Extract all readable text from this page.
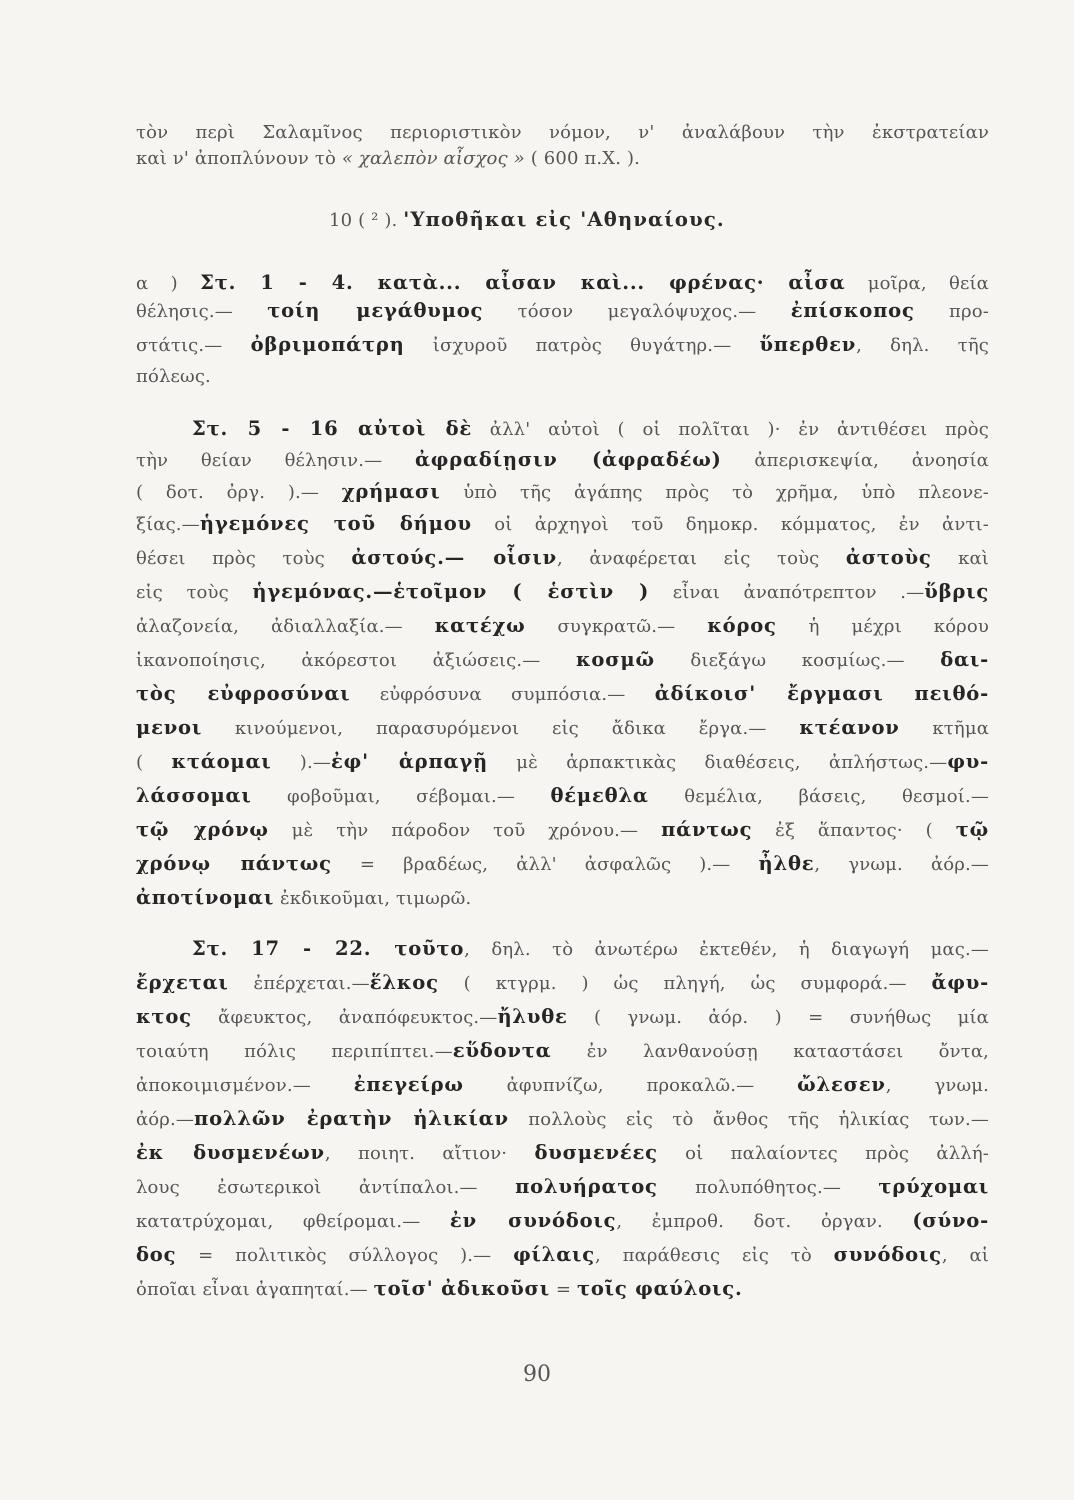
τὸν περὶ Σαλαμῖνος περιοριστικὸν νόμον, ν' ἀναλάβουν τὴν ἐκστρατείαν
καὶ ν' ἀποπλύνουν τὸ « χαλεπὸν αἶσχος » ( 600 π.Χ. ).
10 ( ² ). 'Υποθῆκαι εἰς 'Αθηναίους.
α ) Στ. 1 - 4. κατὰ... αἶσαν καὶ... φρένας· αἶσα μοῖρα, θεία
θέλησις.— τοίη μεγάθυμος τόσον μεγαλόψυχος.— ἐπίσκοπος προ-
στάτις.— ὀβριμοπάτρη ἰσχυροῦ πατρὸς θυγάτηρ.— ὕπερθεν, δηλ. τῆς
πόλεως.
Στ. 5 - 16 αὐτοὶ δὲ ἀλλ' αὐτοὶ ( οἱ πολῖται )· ἐν ἀντιθέσει πρὸς
τὴν θείαν θέλησιν.— ἀφραδίῃσιν (ἀφραδέω) ἀπερισκεψία, ἀνοησία
( δοτ. ὀργ. ).— χρήμασι ὑπὸ τῆς ἀγάπης πρὸς τὸ χρῆμα, ὑπὸ πλεονε-
ξίας.—ἡγεμόνες τοῦ δήμου οἱ ἀρχηγοὶ τοῦ δημοκρ. κόμματος, ἐν ἀντι-
θέσει πρὸς τοὺς ἀστούς.— οἷσιν, ἀναφέρεται εἰς τοὺς ἀστοὺς καὶ
εἰς τοὺς ἡγεμόνας.—ἑτοῖμον ( ἑστὶν ) εἶναι ἀναπότρεπτον .—ὕβρις
ἀλαζονεία, ἀδιαλλαξία.— κατέχω συγκρατῶ.— κόρος ἡ μέχρι κόρου
ἱκανοποίησις, ἀκόρεστοι ἀξιώσεις.— κοσμῶ διεξάγω κοσμίως.— δαι-
τὸς εὐφροσύναι εὐφρόσυνα συμπόσια.— ἀδίκοισ' ἔργμασι πειθό-
μενοι κινούμενοι, παρασυρόμενοι εἰς ἄδικα ἔργα.— κτέανον κτῆμα
( κτάομαι ).—ἐφ' ἁρπαγῇ μὲ ἁρπακτικὰς διαθέσεις, ἀπλήστως.—φυ-
λάσσομαι φοβοῦμαι, σέβομαι.— θέμεθλα θεμέλια, βάσεις, θεσμοί.—
τῷ χρόνῳ μὲ τὴν πάροδον τοῦ χρόνου.— πάντως ἐξ ἅπαντος· ( τῷ
χρόνῳ πάντως = βραδέως, ἀλλ' ἀσφαλῶς ).— ἦλθε, γνωμ. ἀόρ.—
ἀποτίνομαι ἐκδικοῦμαι, τιμωρῶ.
Στ. 17 - 22. τοῦτο, δηλ. τὸ ἀνωτέρω ἐκτεθέν, ἡ διαγωγή μας.—
ἔρχεται ἐπέρχεται.—ἕλκος ( κτγρμ. ) ὡς πληγή, ὡς συμφορά.— ἄφυ-
κτος ἄφευκτος, ἀναπόφευκτος.—ἤλυθε ( γνωμ. ἀόρ. ) = συνήθως μία
τοιαύτη πόλις περιπίπτει.—εὕδοντα ἐν λανθανούσῃ καταστάσει ὄντα,
ἀποκοιμισμένον.— ἐπεγείρω ἀφυπνίζω, προκαλῶ.— ὤλεσεν, γνωμ.
ἀόρ.—πολλῶν ἐρατὴν ἡλικίαν πολλοὺς εἰς τὸ ἄνθος τῆς ἡλικίας των.—
ἐκ δυσμενέων, ποιητ. αἴτιον· δυσμενέες οἱ παλαίοντες πρὸς ἀλλή-
λους ἐσωτερικοὶ ἀντίπαλοι.— πολυήρατος πολυπόθητος.— τρύχομαι
κατατρύχομαι, φθείρομαι.— ἐν συνόδοις, ἐμπροθ. δοτ. ὀργαν. (σύνο-
δος = πολιτικὸς σύλλογος ).— φίλαις, παράθεσις εἰς τὸ συνόδοις, αἱ
ὁποῖαι εἶναι ἀγαπηταί.— τοῖσ' ἀδικοῦσι = τοῖς φαύλοις.
90
